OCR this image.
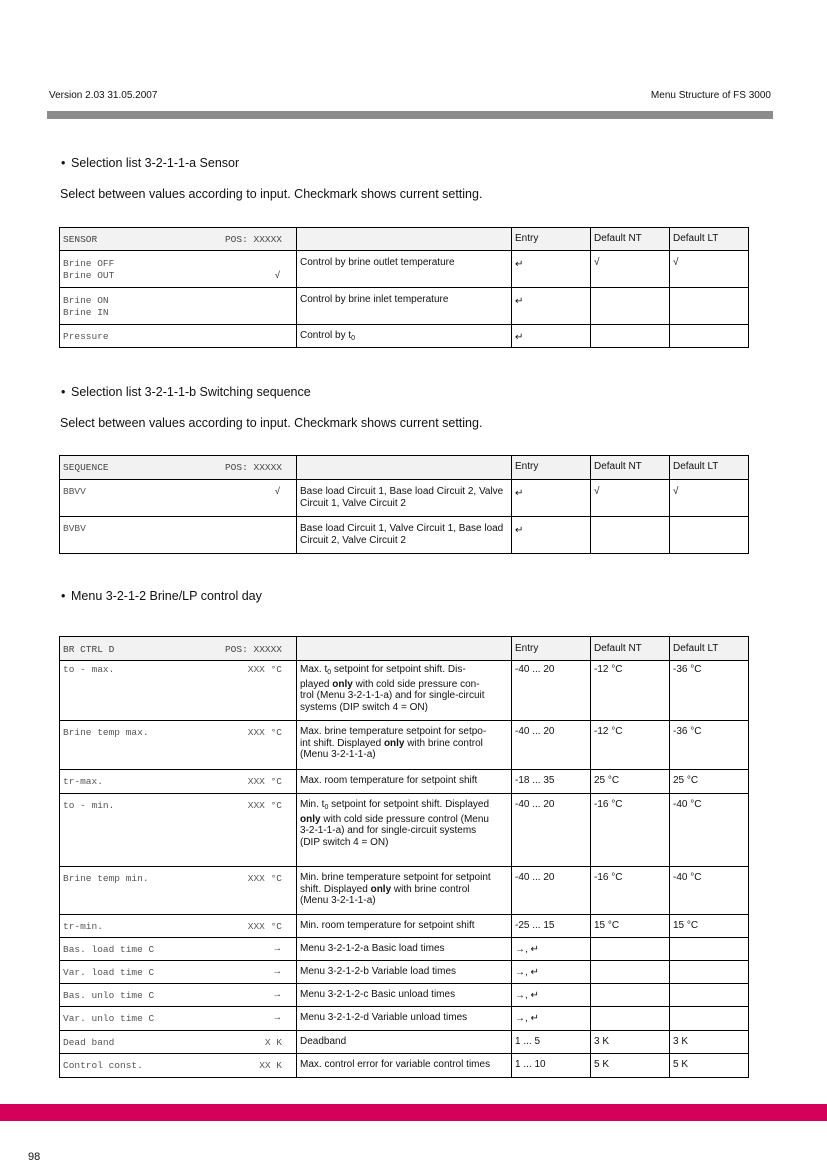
Version 2.03 31.05.2007	Menu Structure of FS 3000
• Selection list 3-2-1-1-a Sensor
Select between values according to input. Checkmark shows current setting.
SENSOR POS: XXXXX		Entry	Default NT	Default LT

Brine OFF
Brine OUT √	Control by brine outlet temperature	↵	√	√

Brine ON
Brine IN	Control by brine inlet temperature	↵		

Pressure	Control by $t_0$	↵		
• Selection list 3-2-1-1-b Switching sequence
Select between values according to input. Checkmark shows current setting.
SEQUENCE POS: XXXXX		Entry	Default NT	Default LT

BBVV √	Base load Circuit 1, Base load Circuit 2, Valve Circuit 1, Valve Circuit 2	↵	√	√

BVBV	Base load Circuit 1, Valve Circuit 1, Base load Circuit 2, Valve Circuit 2	↵		
• Menu 3-2-1-2 Brine/LP control day
BR CTRL D POS: XXXXX		Entry	Default NT	Default LT
to - max. XXX °C	Max. $t_0$ setpoint for setpoint shift. Dis-
played only with cold side pressure con-
trol (Menu 3-2-1-1-a) and for single-circuit
systems (DIP switch 4 = ON)	-40 ... 20	-12 °C	-36 °C
Brine temp max. XXX °C	Max. brine temperature setpoint for setpo-
int shift. Displayed only with brine control
(Menu 3-2-1-1-a)	-40 ... 20	-12 °C	-36 °C
tr-max. XXX °C	Max. room temperature for setpoint shift	-18 ... 35	25 °C	25 °C
to - min. XXX °C	Min. $t_0$ setpoint for setpoint shift. Displayed
only with cold side pressure control (Menu
3-2-1-1-a) and for single-circuit systems
(DIP switch 4 = ON)	-40 ... 20	-16 °C	-40 °C
Brine temp min. XXX °C	Min. brine temperature setpoint for setpoint
shift. Displayed only with brine control
(Menu 3-2-1-1-a)	-40 ... 20	-16 °C	-40 °C
tr-min. XXX °C	Min. room temperature for setpoint shift	-25 ... 15	15 °C	15 °C
Bas. load time C →	Menu 3-2-1-2-a Basic load times	→, ↵		
Var. load time C →	Menu 3-2-1-2-b Variable load times	→, ↵		
Bas. unlo time C →	Menu 3-2-1-2-c Basic unload times	→, ↵		
Var. unlo time C →	Menu 3-2-1-2-d Variable unload times	→, ↵		
Dead band X K	Deadband	1 ... 5	3 K	3 K
Control const. XX K	Max. control error for variable control times	1 ... 10	5 K	5 K
98
